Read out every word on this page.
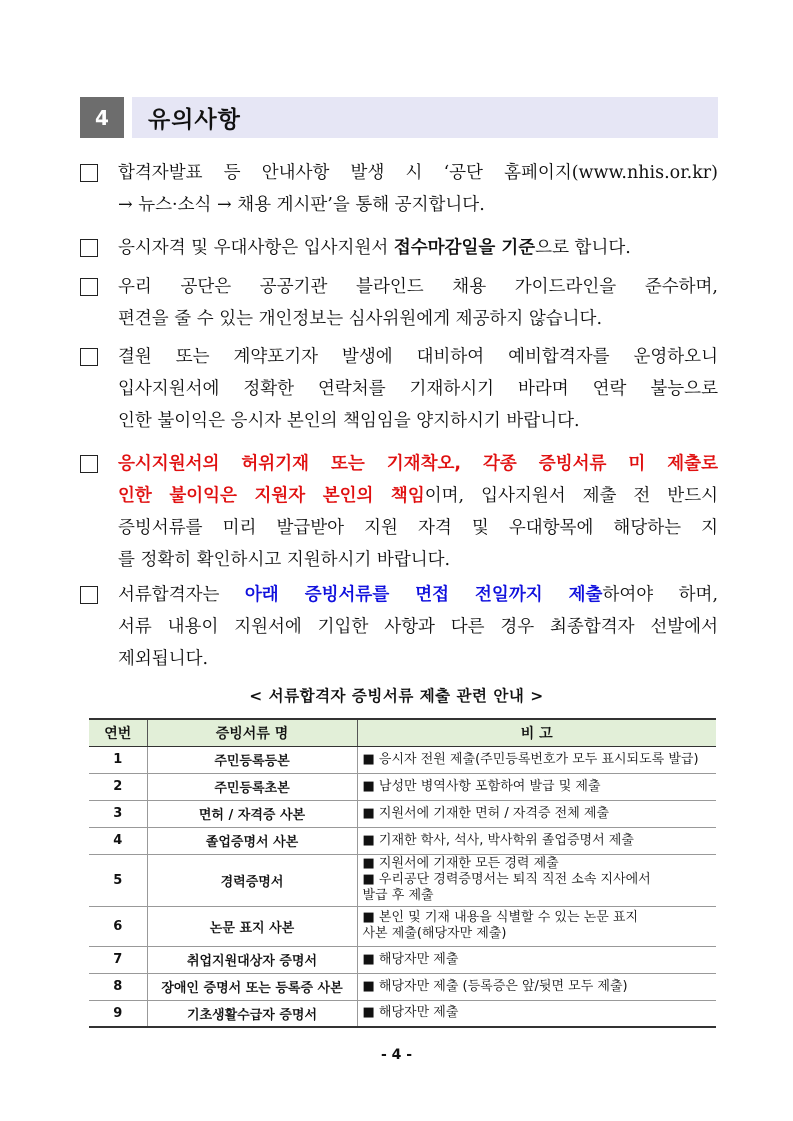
4	유의사항
합격자발표 등 안내사항 발생 시 ‘공단 홈페이지(www.nhis.or.kr)
→ 뉴스·소식 → 채용 게시판’을 통해 공지합니다.
응시자격 및 우대사항은 입사지원서 접수마감일을 기준으로 합니다.
우리 공단은 공공기관 블라인드 채용 가이드라인을 준수하며,
편견을 줄 수 있는 개인정보는 심사위원에게 제공하지 않습니다.
결원 또는 계약포기자 발생에 대비하여 예비합격자를 운영하오니
입사지원서에 정확한 연락처를 기재하시기 바라며 연락 불능으로
인한 불이익은 응시자 본인의 책임임을 양지하시기 바랍니다.
응시지원서의 허위기재 또는 기재착오, 각종 증빙서류 미 제출로
인한 불이익은 지원자 본인의 책임이며, 입사지원서 제출 전 반드시
증빙서류를 미리 발급받아 지원 자격 및 우대항목에 해당하는 지
를 정확히 확인하시고 지원하시기 바랍니다.
서류합격자는 아래 증빙서류를 면접 전일까지 제출하여야 하며,
서류 내용이 지원서에 기입한 사항과 다른 경우 최종합격자 선발에서
제외됩니다.
< 서류합격자 증빙서류 제출 관련 안내 >
연번	증빙서류 명	비 고
1	주민등록등본	■ 응시자 전원 제출(주민등록번호가 모두 표시되도록 발급)

2	주민등록초본	■ 남성만 병역사항 포함하여 발급 및 제출

3	면허 / 자격증 사본	■ 지원서에 기재한 면허 / 자격증 전체 제출

4	졸업증명서 사본	■ 기재한 학사, 석사, 박사학위 졸업증명서 제출

5	경력증명서	■ 지원서에 기재한 모든 경력 제출
■ 우리공단 경력증명서는 퇴직 직전 소속 지사에서
발급 후 제출

6	논문 표지 사본	■ 본인 및 기재 내용을 식별할 수 있는 논문 표지
사본 제출(해당자만 제출)

7	취업지원대상자 증명서	■ 해당자만 제출

8	장애인 증명서 또는 등록증 사본	■ 해당자만 제출 (등록증은 앞/뒷면 모두 제출)

9	기초생활수급자 증명서	■ 해당자만 제출
- 4 -
